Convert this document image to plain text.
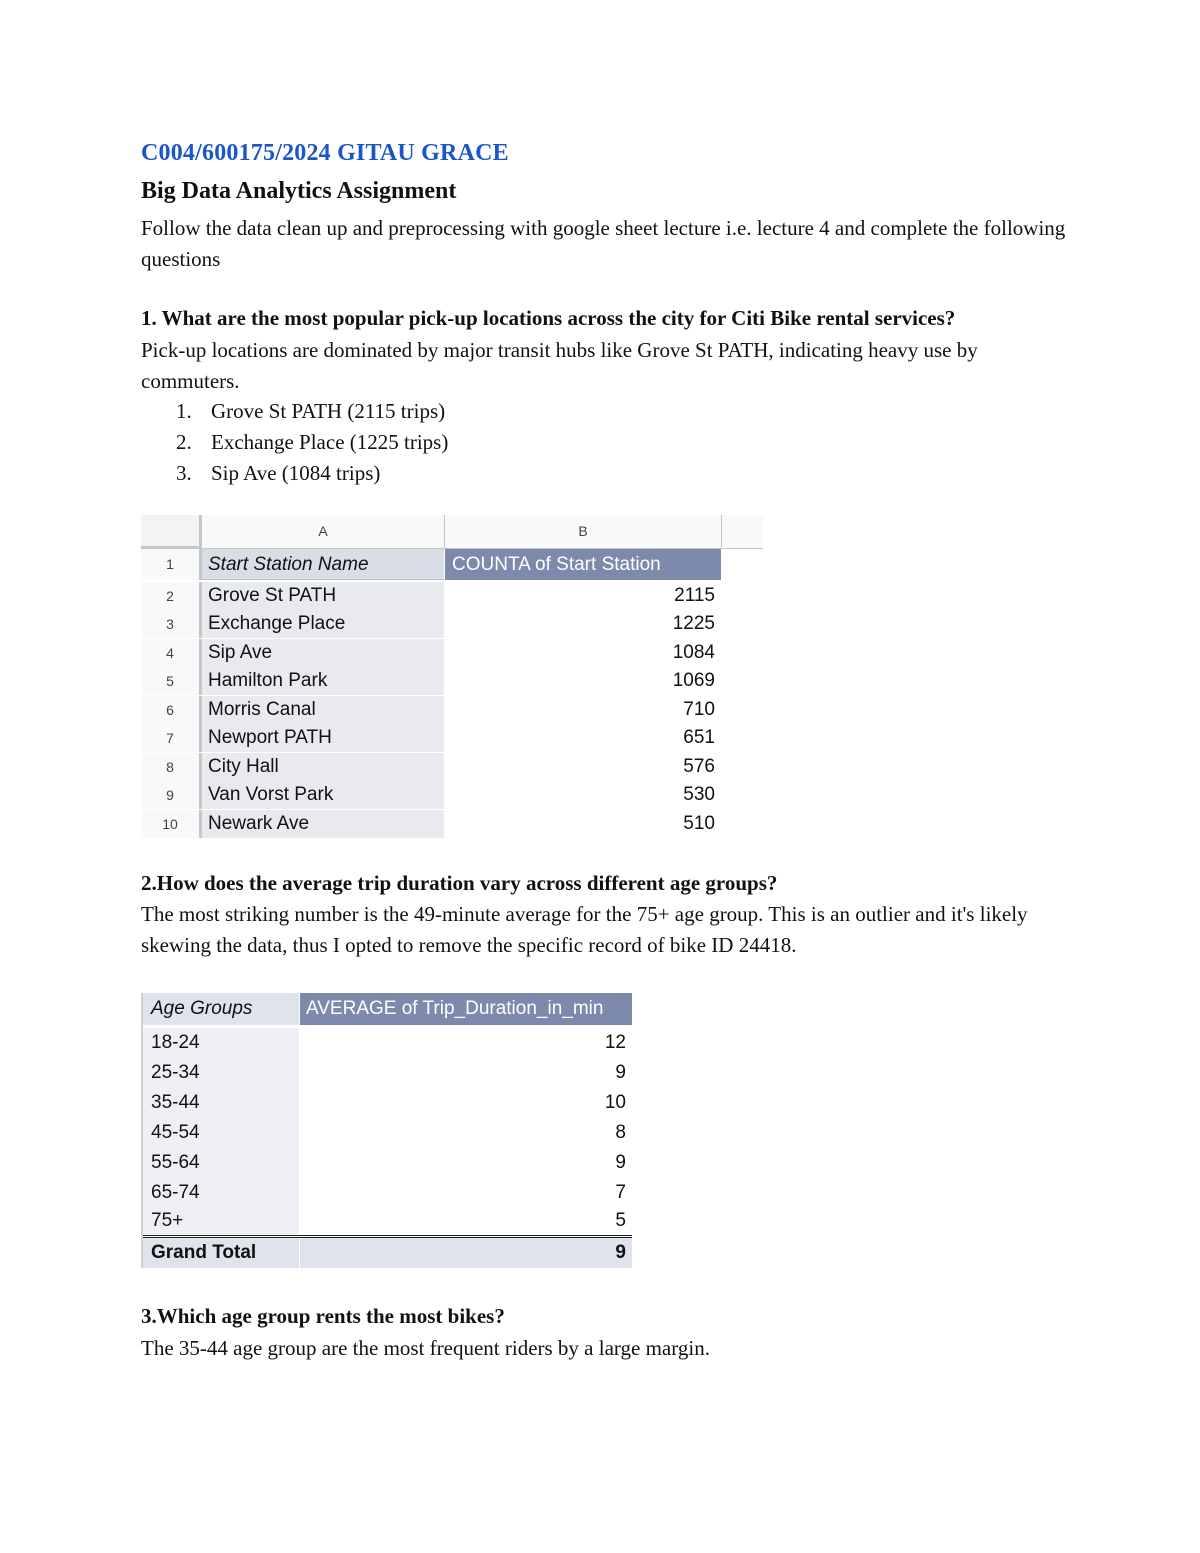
C004/600175/2024 GITAU GRACE
Big Data Analytics Assignment
Follow the data clean up and preprocessing with google sheet lecture i.e. lecture 4 and complete the following questions
1. What are the most popular pick-up locations across the city for Citi Bike rental services?
Pick-up locations are dominated by major transit hubs like Grove St PATH, indicating heavy use by commuters.
1. Grove St PATH (2115 trips)
2. Exchange Place (1225 trips)
3. Sip Ave (1084 trips)
A	B
1	Start Station Name	COUNTA of Start Station
2	Grove St PATH	2115
3	Exchange Place	1225
4	Sip Ave	1084
5	Hamilton Park	1069
6	Morris Canal	710
7	Newport PATH	651
8	City Hall	576
9	Van Vorst Park	530
10	Newark Ave	510
2.How does the average trip duration vary across different age groups?
The most striking number is the 49-minute average for the 75+ age group. This is an outlier and it's likely skewing the data, thus I opted to remove the specific record of bike ID 24418.
Age Groups	AVERAGE of Trip_Duration_in_min
18-24	12
25-34	9
35-44	10
45-54	8
55-64	9
65-74	7
75+	5
Grand Total	9
3.Which age group rents the most bikes?
The 35-44 age group are the most frequent riders by a large margin.
